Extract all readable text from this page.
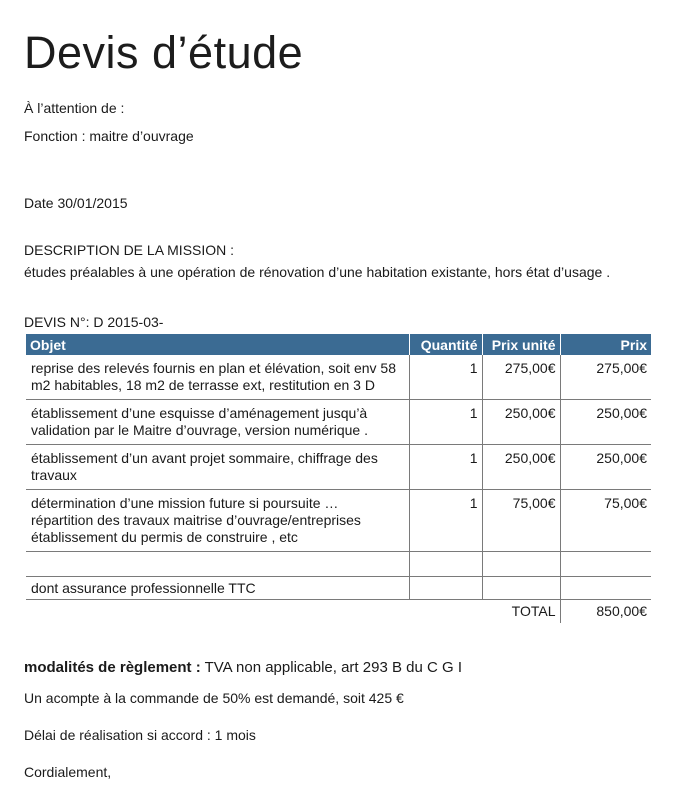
Devis d’étude
À l’attention de :
Fonction : maitre d’ouvrage
Date 30/01/2015
DESCRIPTION DE LA MISSION :
études préalables à une opération de rénovation d’une habitation existante, hors état d’usage .
DEVIS N°: D 2015-03-
Objet	Quantité	Prix unité	Prix

reprise des relevés fournis en plan et élévation, soit env 58
m2 habitables, 18 m2 de terrasse ext, restitution en 3 D	1	275,00€	275,00€

établissement d’une esquisse d’aménagement jusqu’à
validation par le Maitre d’ouvrage, version numérique .	1	250,00€	250,00€

établissement d’un avant projet sommaire, chiffrage des
travaux	1	250,00€	250,00€

détermination d’une mission future si poursuite …
répartition des travaux maitrise d’ouvrage/entreprises
établissement du permis de construire , etc	1	75,00€	75,00€

dont assurance professionnelle TTC			
		TOTAL	850,00€
modalités de règlement : TVA non applicable, art 293 B du C G I
Un acompte à la commande de 50% est demandé, soit 425 €
Délai de réalisation si accord : 1 mois
Cordialement,
